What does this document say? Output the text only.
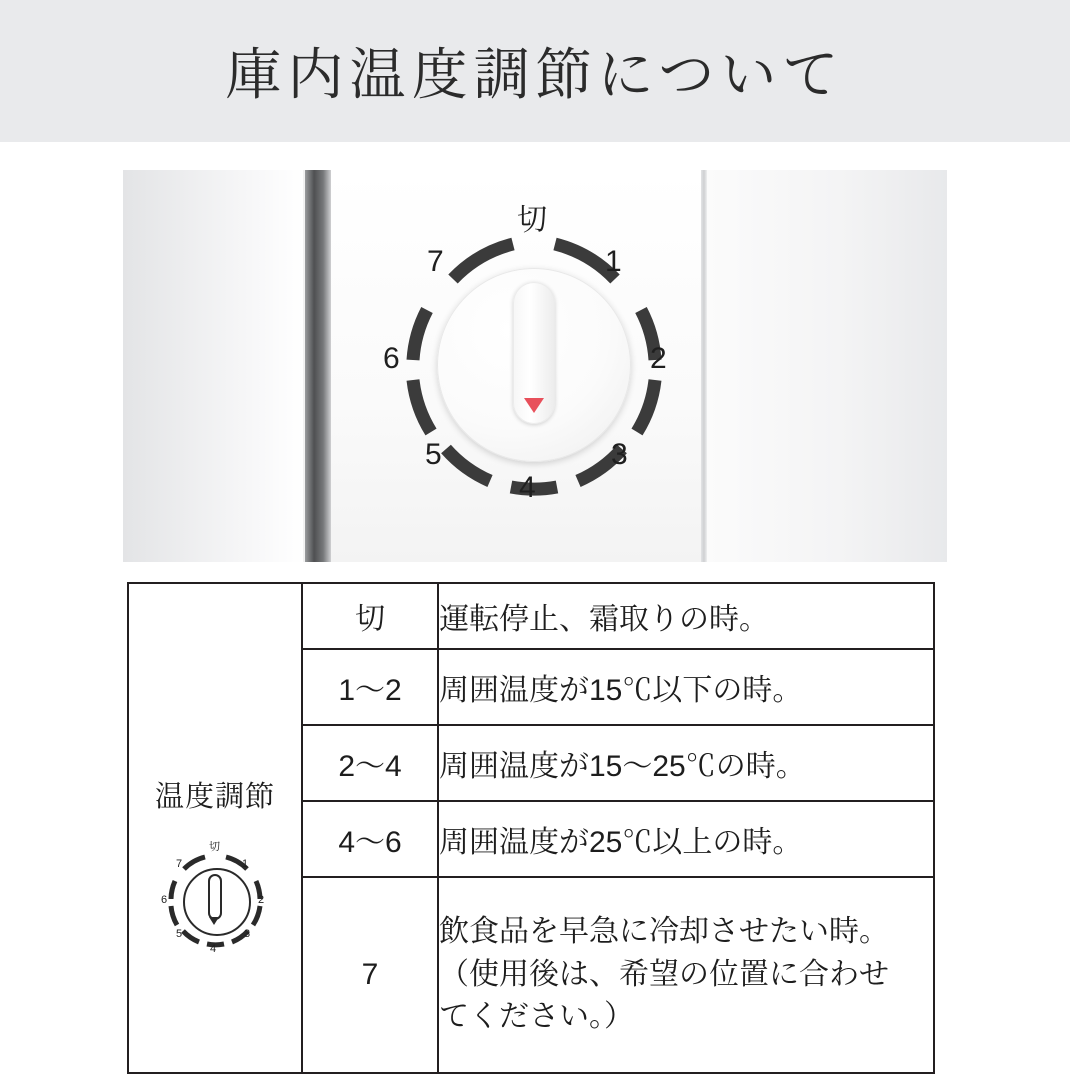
庫内温度調節について
切
1
2
3
4
5
6
7
温度調節
切
1
2
3
4
5
6
7
	切	運転停止、霜取りの時。
	1〜2	周囲温度が15℃以下の時。
	2〜4	周囲温度が15〜25℃の時。
	4〜6	周囲温度が25℃以上の時。
	7	飲食品を早急に冷却させたい時。
（使用後は、希望の位置に合わせ
てください。）
